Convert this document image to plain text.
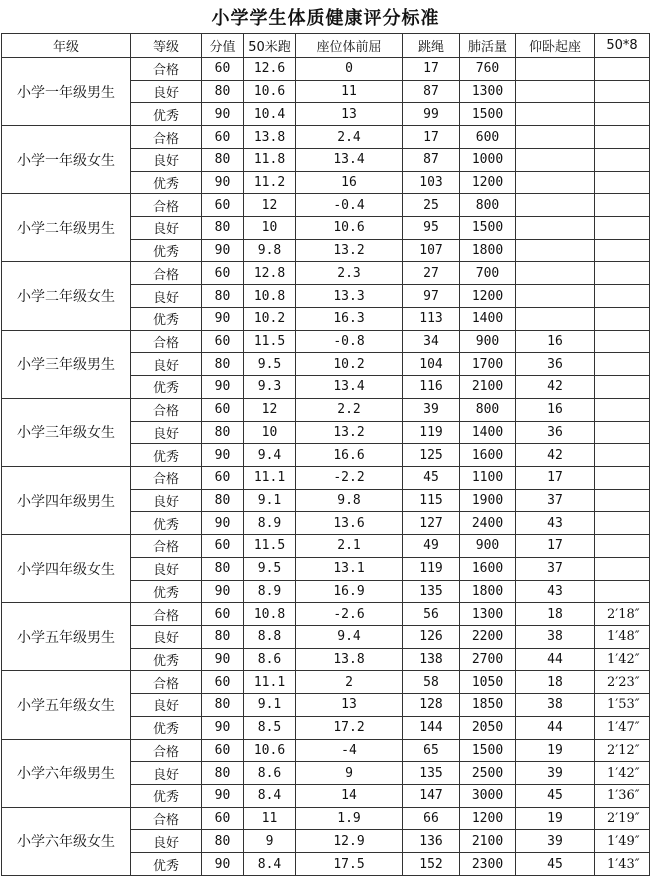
小学学生体质健康评分标准
年级	等级	分值	50米跑	座位体前屈	跳绳	肺活量	仰卧起座	50*8
小学一年级男生	合格	60	12.6	0	17	760		
	良好	80	10.6	11	87	1300		
	优秀	90	10.4	13	99	1500		
小学一年级女生	合格	60	13.8	2.4	17	600		
	良好	80	11.8	13.4	87	1000		
	优秀	90	11.2	16	103	1200		
小学二年级男生	合格	60	12	-0.4	25	800		
	良好	80	10	10.6	95	1500		
	优秀	90	9.8	13.2	107	1800		
小学二年级女生	合格	60	12.8	2.3	27	700		
	良好	80	10.8	13.3	97	1200		
	优秀	90	10.2	16.3	113	1400		
小学三年级男生	合格	60	11.5	-0.8	34	900	16	
	良好	80	9.5	10.2	104	1700	36	
	优秀	90	9.3	13.4	116	2100	42	
小学三年级女生	合格	60	12	2.2	39	800	16	
	良好	80	10	13.2	119	1400	36	
	优秀	90	9.4	16.6	125	1600	42	
小学四年级男生	合格	60	11.1	-2.2	45	1100	17	
	良好	80	9.1	9.8	115	1900	37	
	优秀	90	8.9	13.6	127	2400	43	
小学四年级女生	合格	60	11.5	2.1	49	900	17	
	良好	80	9.5	13.1	119	1600	37	
	优秀	90	8.9	16.9	135	1800	43	
小学五年级男生	合格	60	10.8	-2.6	56	1300	18	2′18″
	良好	80	8.8	9.4	126	2200	38	1′48″
	优秀	90	8.6	13.8	138	2700	44	1′42″
小学五年级女生	合格	60	11.1	2	58	1050	18	2′23″
	良好	80	9.1	13	128	1850	38	1′53″
	优秀	90	8.5	17.2	144	2050	44	1′47″
小学六年级男生	合格	60	10.6	-4	65	1500	19	2′12″
	良好	80	8.6	9	135	2500	39	1′42″
	优秀	90	8.4	14	147	3000	45	1′36″
小学六年级女生	合格	60	11	1.9	66	1200	19	2′19″
	良好	80	9	12.9	136	2100	39	1′49″
	优秀	90	8.4	17.5	152	2300	45	1′43″
